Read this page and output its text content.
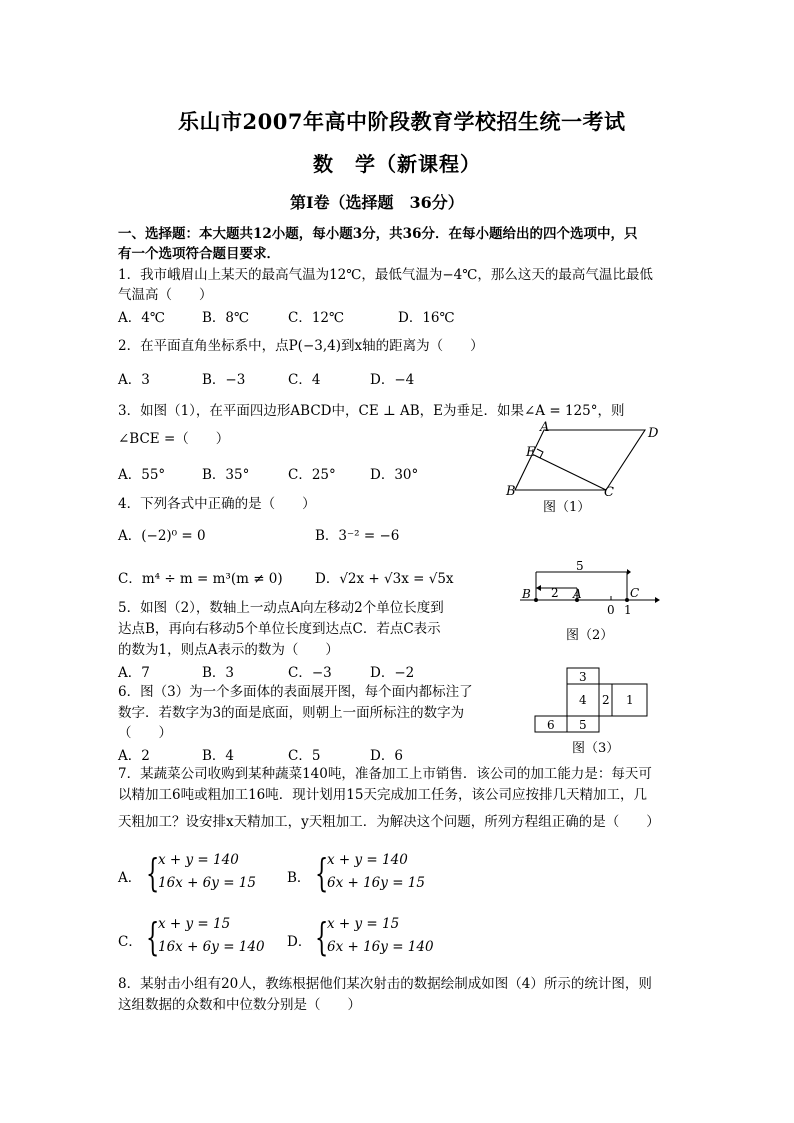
乐山市2007年高中阶段教育学校招生统一考试
数　学（新课程）
第Ⅰ卷（选择题　36分）
一、选择题：本大题共12小题，每小题3分，共36分．在每小题给出的四个选项中，只
有一个选项符合题目要求．
1．我市峨眉山上某天的最高气温为12℃，最低气温为−4℃，那么这天的最高气温比最低
气温高（　　）
A．4℃	B．8℃	C．12℃	D．16℃
2．在平面直角坐标系中，点P(−3,4)到x轴的距离为（　　）
A．3	B．−3	C．4	D．−4
3．如图（1），在平面四边形ABCD中，CE ⊥ AB，E为垂足．如果∠A = 125°，则
∠BCE =（　　）
A．55°	B．35°	C．25°	D．30°
A	D
E
B	C
图（1）
4．下列各式中正确的是（　　）
A．(−2)⁰ = 0	B．3⁻² = −6
C．m⁴ ÷ m = m³(m ≠ 0) D．√2x + √3x = √5x
5
B 2 A
0 1
C
图（2）
5．如图（2），数轴上一动点A向左移动2个单位长度到
达点B，再向右移动5个单位长度到达点C．若点C表示
的数为1，则点A表示的数为（　　）
A．7	B．3	C．−3	D．−2
6．图（3）为一个多面体的表面展开图，每个面内都标注了
数字．若数字为3的面是底面，则朝上一面所标注的数字为
（　　）
A．2	B．4	C．5	D．6
3
4 2 1
6 5
图（3）
7．某蔬菜公司收购到某种蔬菜140吨，准备加工上市销售．该公司的加工能力是：每天可
以精加工6吨或粗加工16吨．现计划用15天完成加工任务，该公司应按排几天精加工，几
天粗加工？设安排x天精加工，y天粗加工．为解决这个问题，所列方程组正确的是（　　）
A． {
x + y = 140
16x + 6y = 15 B． {
x + y = 140
6x + 16y = 15
C． {
x + y = 15
16x + 6y = 140 D． {
x + y = 15
6x + 16y = 140
8．某射击小组有20人，教练根据他们某次射击的数据绘制成如图（4）所示的统计图，则
这组数据的众数和中位数分别是（　　）
